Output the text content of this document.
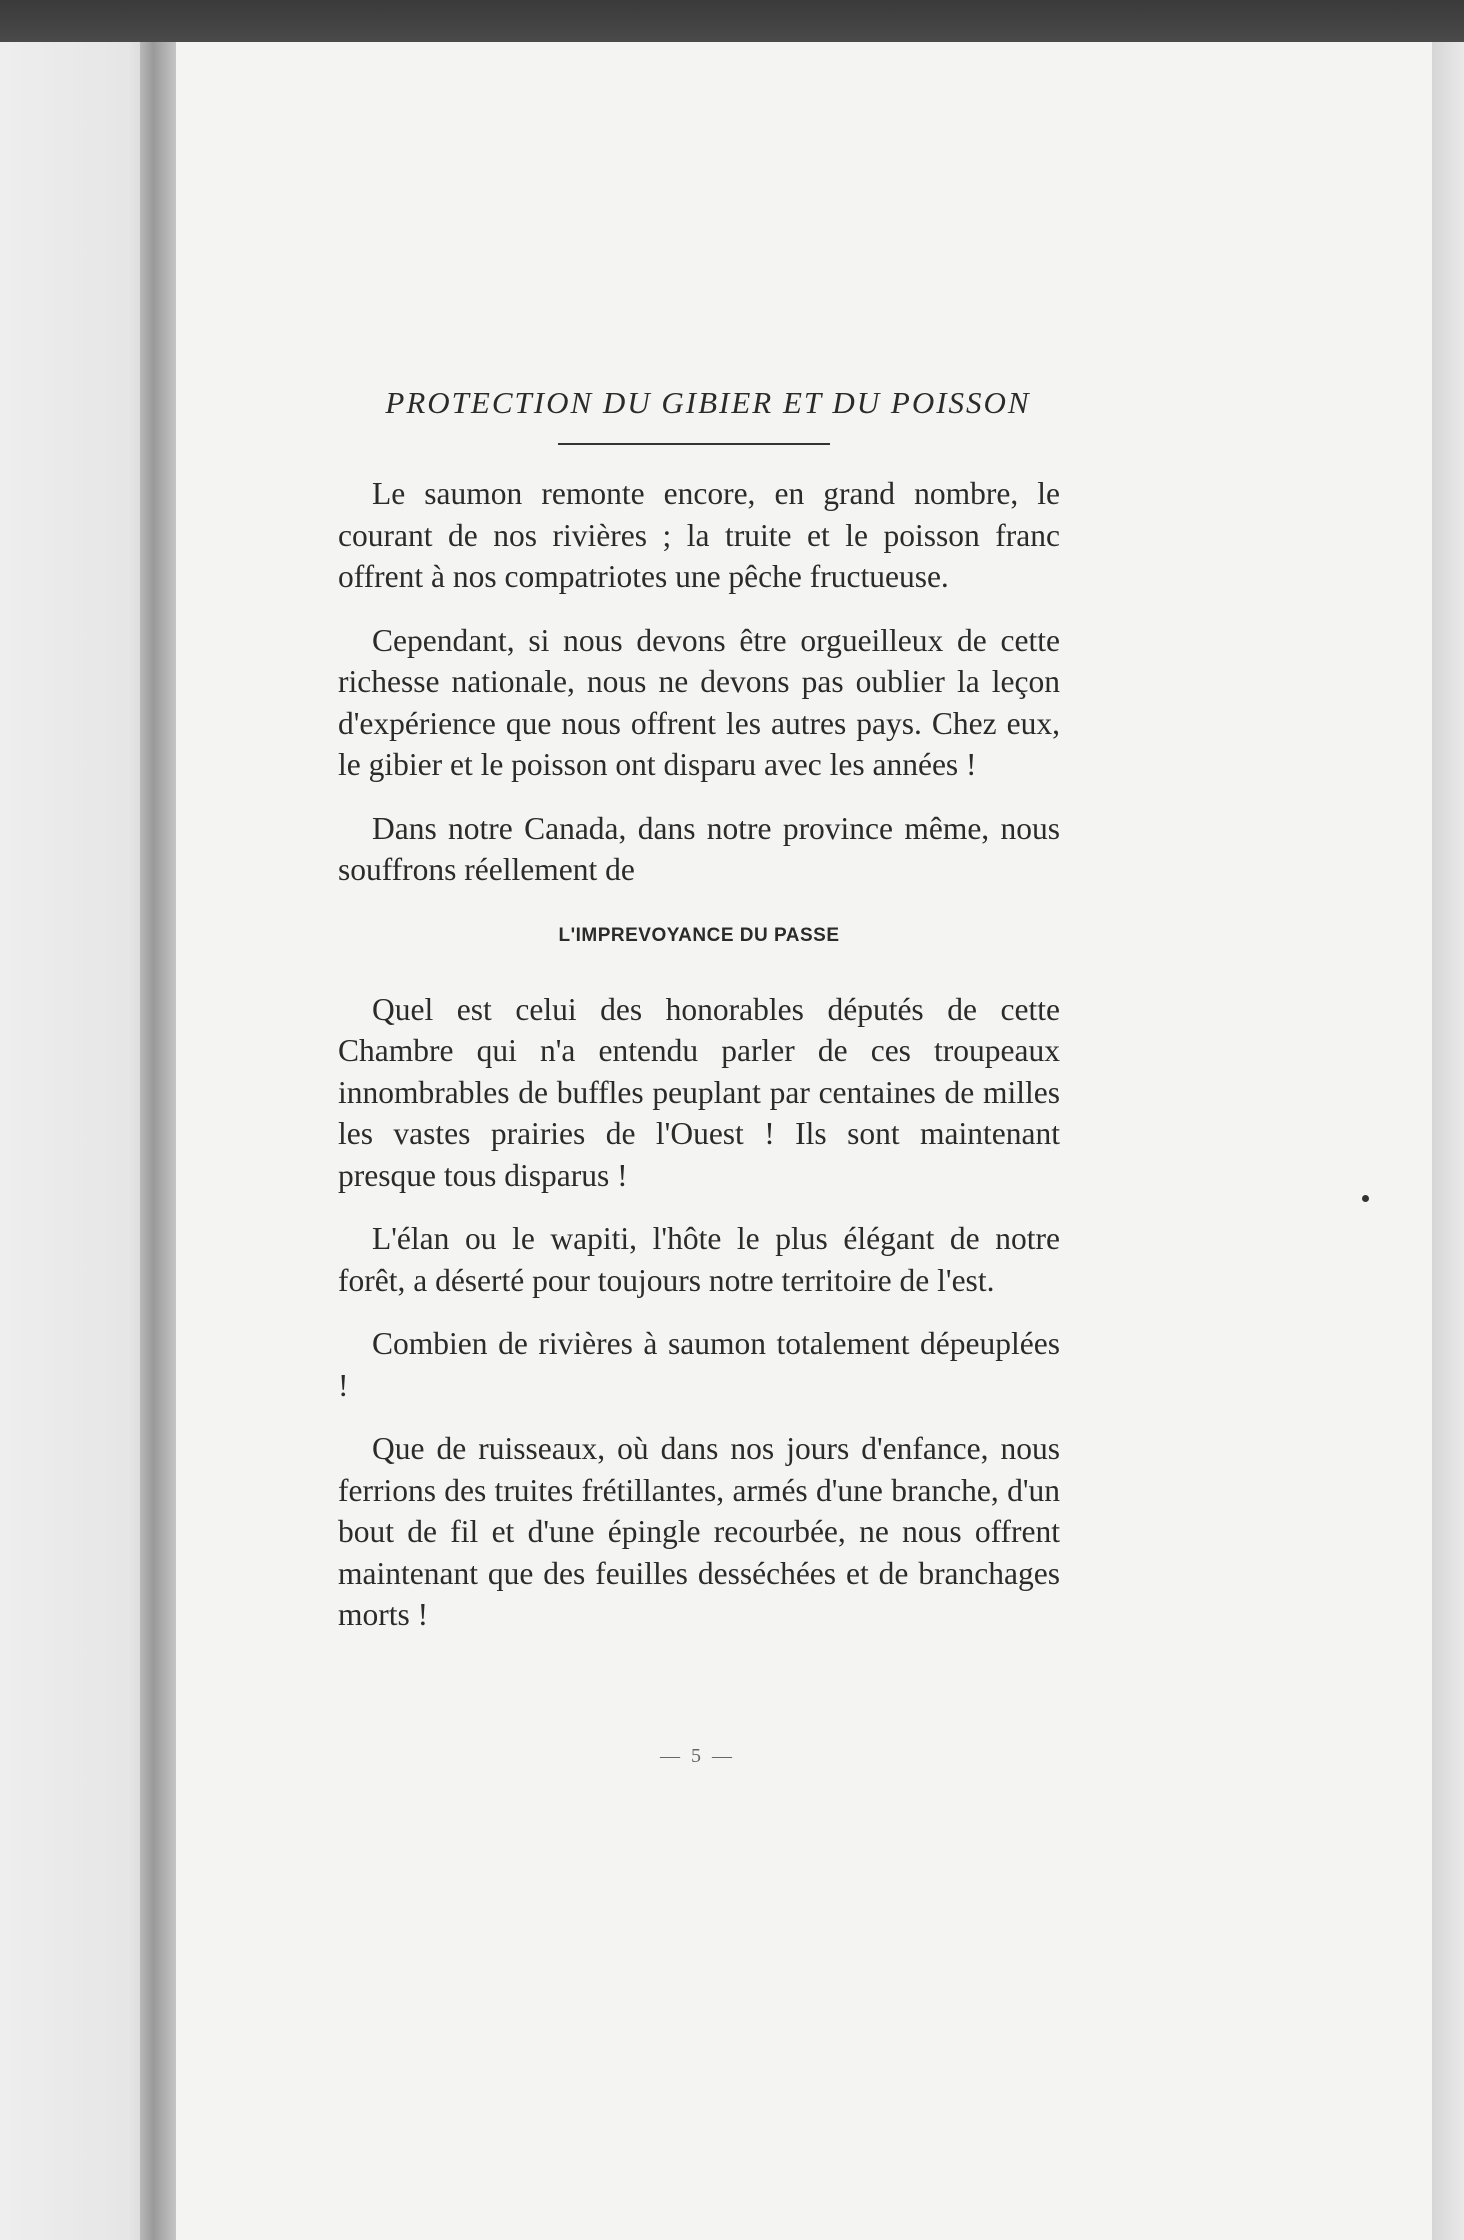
PROTECTION DU GIBIER ET DU POISSON

Le saumon remonte encore, en grand nombre, le courant de nos rivières ; la truite et le poisson franc offrent à nos compatriotes une pêche fructueuse.

Cependant, si nous devons être orgueilleux de cette richesse nationale, nous ne devons pas oublier la leçon d'expérience que nous offrent les autres pays. Chez eux, le gibier et le poisson ont disparu avec les années !

Dans notre Canada, dans notre province même, nous souffrons réellement de

L'IMPREVOYANCE DU PASSE

Quel est celui des honorables députés de cette Chambre qui n'a entendu parler de ces troupeaux innombrables de buffles peuplant par centaines de milles les vastes prairies de l'Ouest ! Ils sont maintenant presque tous disparus !

L'élan ou le wapiti, l'hôte le plus élégant de notre forêt, a déserté pour toujours notre territoire de l'est.

Combien de rivières à saumon totalement dépeuplées !

Que de ruisseaux, où dans nos jours d'enfance, nous ferrions des truites frétillantes, armés d'une branche, d'un bout de fil et d'une épingle recourbée, ne nous offrent maintenant que des feuilles desséchées et de branchages morts !

— 5 —
